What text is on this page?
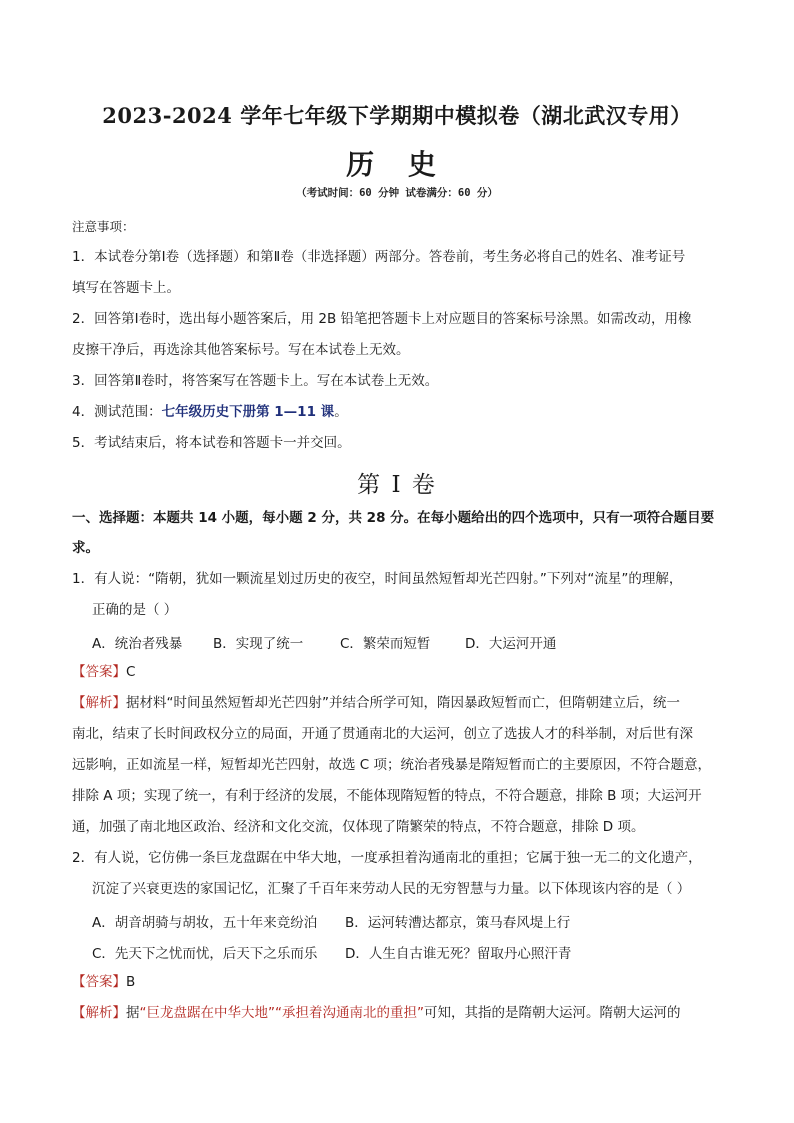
2023-2024 学年七年级下学期期中模拟卷（湖北武汉专用）
历 史
（考试时间：60 分钟 试卷满分：60 分）
注意事项：
1．本试卷分第Ⅰ卷（选择题）和第Ⅱ卷（非选择题）两部分。答卷前，考生务必将自己的姓名、准考证号
填写在答题卡上。
2．回答第Ⅰ卷时，选出每小题答案后，用 2B 铅笔把答题卡上对应题目的答案标号涂黑。如需改动，用橡
皮擦干净后，再选涂其他答案标号。写在本试卷上无效。
3．回答第Ⅱ卷时，将答案写在答题卡上。写在本试卷上无效。
4．测试范围：七年级历史下册第 1—11 课。
5．考试结束后，将本试卷和答题卡一并交回。
第 I 卷
一、选择题：本题共 14 小题，每小题 2 分，共 28 分。在每小题给出的四个选项中，只有一项符合题目要
求。
1．有人说：“隋朝，犹如一颗流星划过历史的夜空，时间虽然短暂却光芒四射。”下列对“流星”的理解，
正确的是（ ）
A．统治者残暴 B．实现了统一	C．繁荣而短暂	D．大运河开通
【答案】C
【解析】据材料“时间虽然短暂却光芒四射”并结合所学可知，隋因暴政短暂而亡，但隋朝建立后，统一
南北，结束了长时间政权分立的局面，开通了贯通南北的大运河，创立了选拔人才的科举制，对后世有深
远影响，正如流星一样，短暂却光芒四射，故选 C 项；统治者残暴是隋短暂而亡的主要原因，不符合题意，
排除 A 项；实现了统一，有利于经济的发展，不能体现隋短暂的特点，不符合题意，排除 B 项；大运河开
通，加强了南北地区政治、经济和文化交流，仅体现了隋繁荣的特点，不符合题意，排除 D 项。
2．有人说，它仿佛一条巨龙盘踞在中华大地，一度承担着沟通南北的重担；它属于独一无二的文化遗产，
沉淀了兴衰更迭的家国记忆，汇聚了千百年来劳动人民的无穷智慧与力量。以下体现该内容的是（ ）
A．胡音胡骑与胡妆，五十年来竞纷泊 B．运河转漕达都京，策马春风堤上行
C．先天下之忧而忧，后天下之乐而乐 D．人生自古谁无死？留取丹心照汗青
【答案】B
【解析】据“巨龙盘踞在中华大地”“承担着沟通南北的重担”可知，其指的是隋朝大运河。隋朝大运河的
